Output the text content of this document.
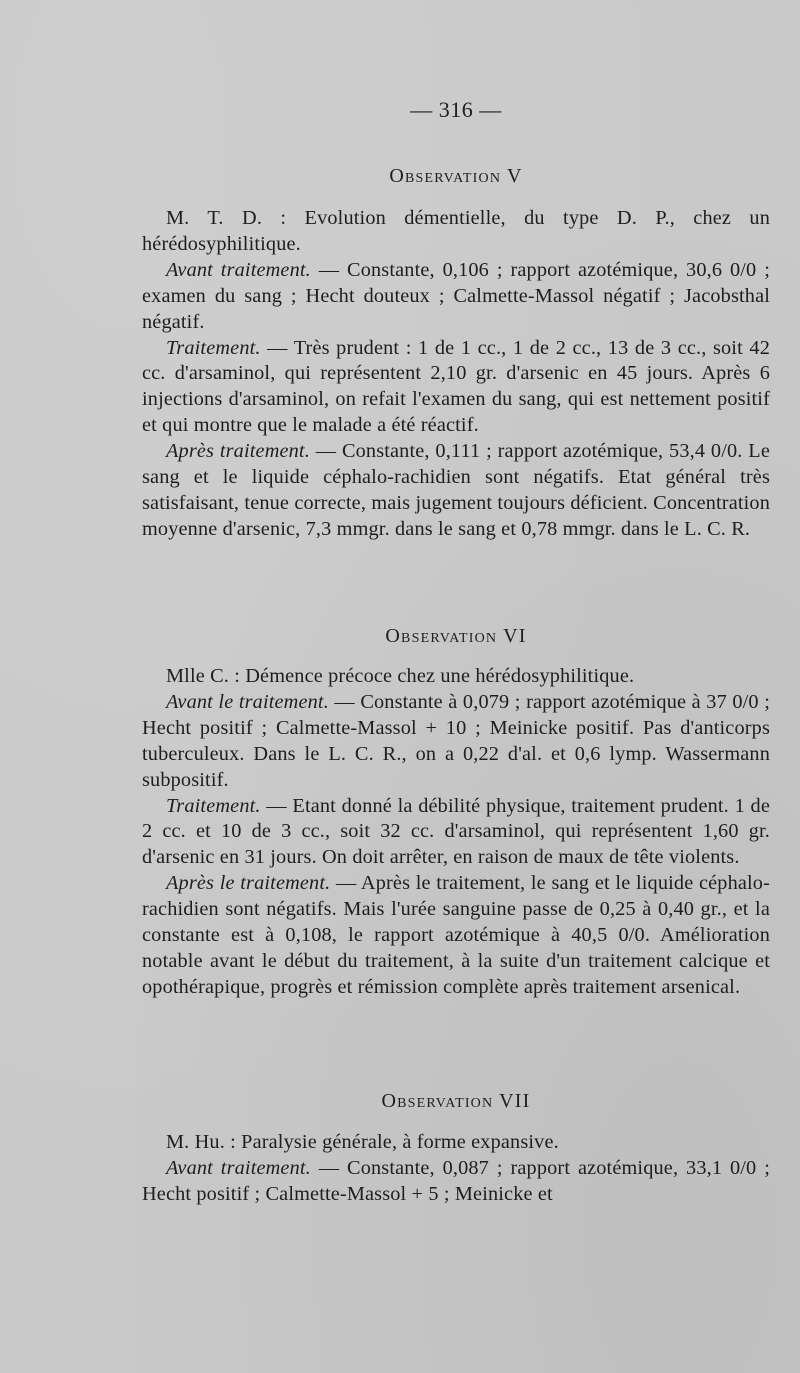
— 316 —
Observation V

M. T. D. : Evolution démentielle, du type D. P., chez un hérédosyphilitique.

Avant traitement. — Constante, 0,106 ; rapport azotémique, 30,6 0/0 ; examen du sang ; Hecht douteux ; Calmette-Massol négatif ; Jacobsthal négatif.

Traitement. — Très prudent : 1 de 1 cc., 1 de 2 cc., 13 de 3 cc., soit 42 cc. d'arsaminol, qui représentent 2,10 gr. d'arsenic en 45 jours. Après 6 injections d'arsaminol, on refait l'examen du sang, qui est nettement positif et qui montre que le malade a été réactif.

Après traitement. — Constante, 0,111 ; rapport azotémique, 53,4 0/0. Le sang et le liquide céphalo-rachidien sont négatifs. Etat général très satisfaisant, tenue correcte, mais jugement toujours déficient. Concentration moyenne d'arsenic, 7,3 mmgr. dans le sang et 0,78 mmgr. dans le L. C. R.

Observation VI

Mlle C. : Démence précoce chez une hérédosyphilitique.

Avant le traitement. — Constante à 0,079 ; rapport azotémique à 37 0/0 ; Hecht positif ; Calmette-Massol + 10 ; Meinicke positif. Pas d'anticorps tuberculeux. Dans le L. C. R., on a 0,22 d'al. et 0,6 lymp. Wassermann subpositif.

Traitement. — Etant donné la débilité physique, traitement prudent. 1 de 2 cc. et 10 de 3 cc., soit 32 cc. d'arsaminol, qui représentent 1,60 gr. d'arsenic en 31 jours. On doit arrêter, en raison de maux de tête violents.

Après le traitement. — Après le traitement, le sang et le liquide céphalo-rachidien sont négatifs. Mais l'urée sanguine passe de 0,25 à 0,40 gr., et la constante est à 0,108, le rapport azotémique à 40,5 0/0. Amélioration notable avant le début du traitement, à la suite d'un traitement calcique et opothérapique, progrès et rémission complète après traitement arsenical.

Observation VII

M. Hu. : Paralysie générale, à forme expansive.

Avant traitement. — Constante, 0,087 ; rapport azotémique, 33,1 0/0 ; Hecht positif ; Calmette-Massol + 5 ; Meinicke et
